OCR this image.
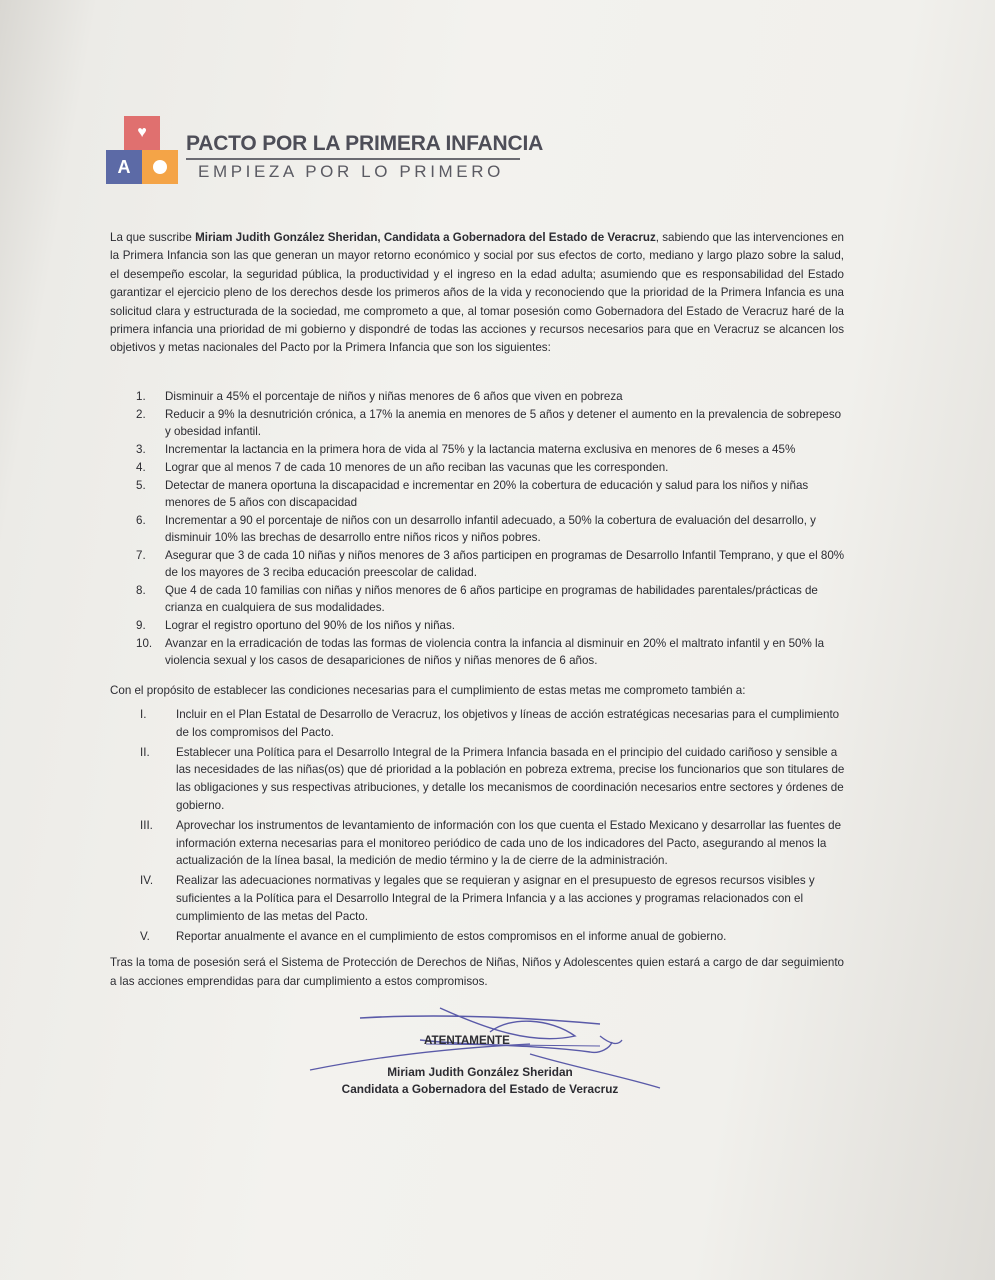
♥
A
PACTO POR LA PRIMERA INFANCIA
EMPIEZA POR LO PRIMERO

La que suscribe Miriam Judith González Sheridan, Candidata a Gobernadora del Estado de Veracruz, sabiendo que las intervenciones en la Primera Infancia son las que generan un mayor retorno económico y social por sus efectos de corto, mediano y largo plazo sobre la salud, el desempeño escolar, la seguridad pública, la productividad y el ingreso en la edad adulta; asumiendo que es responsabilidad del Estado garantizar el ejercicio pleno de los derechos desde los primeros años de la vida y reconociendo que la prioridad de la Primera Infancia es una solicitud clara y estructurada de la sociedad, me comprometo a que, al tomar posesión como Gobernadora del Estado de Veracruz haré de la primera infancia una prioridad de mi gobierno y dispondré de todas las acciones y recursos necesarios para que en Veracruz se alcancen los objetivos y metas nacionales del Pacto por la Primera Infancia que son los siguientes:

1. Disminuir a 45% el porcentaje de niños y niñas menores de 6 años que viven en pobreza
2. Reducir a 9% la desnutrición crónica, a 17% la anemia en menores de 5 años y detener el aumento en la prevalencia de sobrepeso y obesidad infantil.
3. Incrementar la lactancia en la primera hora de vida al 75% y la lactancia materna exclusiva en menores de 6 meses a 45%
4. Lograr que al menos 7 de cada 10 menores de un año reciban las vacunas que les corresponden.
5. Detectar de manera oportuna la discapacidad e incrementar en 20% la cobertura de educación y salud para los niños y niñas menores de 5 años con discapacidad
6. Incrementar a 90 el porcentaje de niños con un desarrollo infantil adecuado, a 50% la cobertura de evaluación del desarrollo, y disminuir 10% las brechas de desarrollo entre niños ricos y niños pobres.
7. Asegurar que 3 de cada 10 niñas y niños menores de 3 años participen en programas de Desarrollo Infantil Temprano, y que el 80% de los mayores de 3 reciba educación preescolar de calidad.
8. Que 4 de cada 10 familias con niñas y niños menores de 6 años participe en programas de habilidades parentales/prácticas de crianza en cualquiera de sus modalidades.
9. Lograr el registro oportuno del 90% de los niños y niñas.
10. Avanzar en la erradicación de todas las formas de violencia contra la infancia al disminuir en 20% el maltrato infantil y en 50% la violencia sexual y los casos de desapariciones de niños y niñas menores de 6 años.

Con el propósito de establecer las condiciones necesarias para el cumplimiento de estas metas me comprometo también a:

I.	Incluir en el Plan Estatal de Desarrollo de Veracruz, los objetivos y líneas de acción estratégicas necesarias para el cumplimiento de los compromisos del Pacto.
II. Establecer una Política para el Desarrollo Integral de la Primera Infancia basada en el principio del cuidado cariñoso y sensible a las necesidades de las niñas(os) que dé prioridad a la población en pobreza extrema, precise los funcionarios que son titulares de las obligaciones y sus respectivas atribuciones, y detalle los mecanismos de coordinación necesarios entre sectores y órdenes de gobierno.
III. Aprovechar los instrumentos de levantamiento de información con los que cuenta el Estado Mexicano y desarrollar las fuentes de información externa necesarias para el monitoreo periódico de cada uno de los indicadores del Pacto, asegurando al menos la actualización de la línea basal, la medición de medio término y la de cierre de la administración.
IV. Realizar las adecuaciones normativas y legales que se requieran y asignar en el presupuesto de egresos recursos visibles y suficientes a la Política para el Desarrollo Integral de la Primera Infancia y a las acciones y programas relacionados con el cumplimiento de las metas del Pacto.
V. Reportar anualmente el avance en el cumplimiento de estos compromisos en el informe anual de gobierno.

Tras la toma de posesión será el Sistema de Protección de Derechos de Niñas, Niños y Adolescentes quien estará a cargo de dar seguimiento a las acciones emprendidas para dar cumplimiento a estos compromisos.

ATENTAMENTE
Miriam Judith González Sheridan
Candidata a Gobernadora del Estado de Veracruz
